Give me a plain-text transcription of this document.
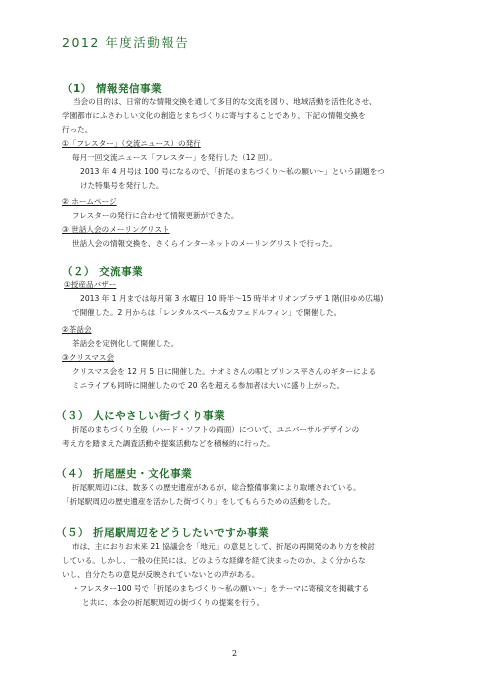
2012 年度活動報告
（1） 情報発信事業
当会の目的は、日常的な情報交換を通して多目的な交流を図り、地域活動を活性化させ、
学園都市にふさわしい文化の創造とまちづくりに寄与することであり、下記の情報交換を
行った。
①「フレスター」（交流ニュース）の発行
毎月一回交流ニュース「フレスター」を発行した（12 回）。
2013 年 4 月号は 100 号になるので、「折尾のまちづくり～私の願い～」という副題をつ
けた特集号を発行した。
② ホームページ
フレスターの発行に合わせて情報更新ができた。
③ 世話人会のメーリングリスト
世話人会の情報交換を、さくらインターネットのメーリングリストで行った。
（２） 交流事業
①授産品バザー
2013 年 1 月までは毎月第 3 水曜日 10 時半～15 時半オリオンプラザ 1 階(旧ゆめ広場)
で開催した。2 月からは「レンタルスペース&カフェドルフィン」で開催した。
②茶話会
茶話会を定例化して開催した。
③クリスマス会
クリスマス会を 12 月 5 日に開催した。ナオミさんの唄とプリンス平さんのギターによる
ミニライブも同時に開催したので 20 名を超える参加者は大いに盛り上がった。
（３） 人にやさしい街づくり事業
折尾のまちづくり全般（ハード・ソフトの両面）について、ユニバーサルデザインの
考え方を踏まえた調査活動や提案活動などを積極的に行った。
（４） 折尾歴史・文化事業
折尾駅周辺には、数多くの歴史遺産があるが、総合整備事業により取壊されている。
「折尾駅周辺の歴史遺産を活かした街づくり」をしてもらうための活動をした。
（５） 折尾駅周辺をどうしたいですか事業
市は、主におりお未来 21 協議会を「地元」の意見として、折尾の再開発のあり方を検討
している。しかし、一般の住民には、どのような経緯を経て決まったのか、よく分からな
いし、自分たちの意見が反映されていないとの声がある。
・フレスター100 号で「折尾のまちづくり～私の願い～」をテーマに寄稿文を掲載する
と共に、本会の折尾駅周辺の街づくりの提案を行う。
2
